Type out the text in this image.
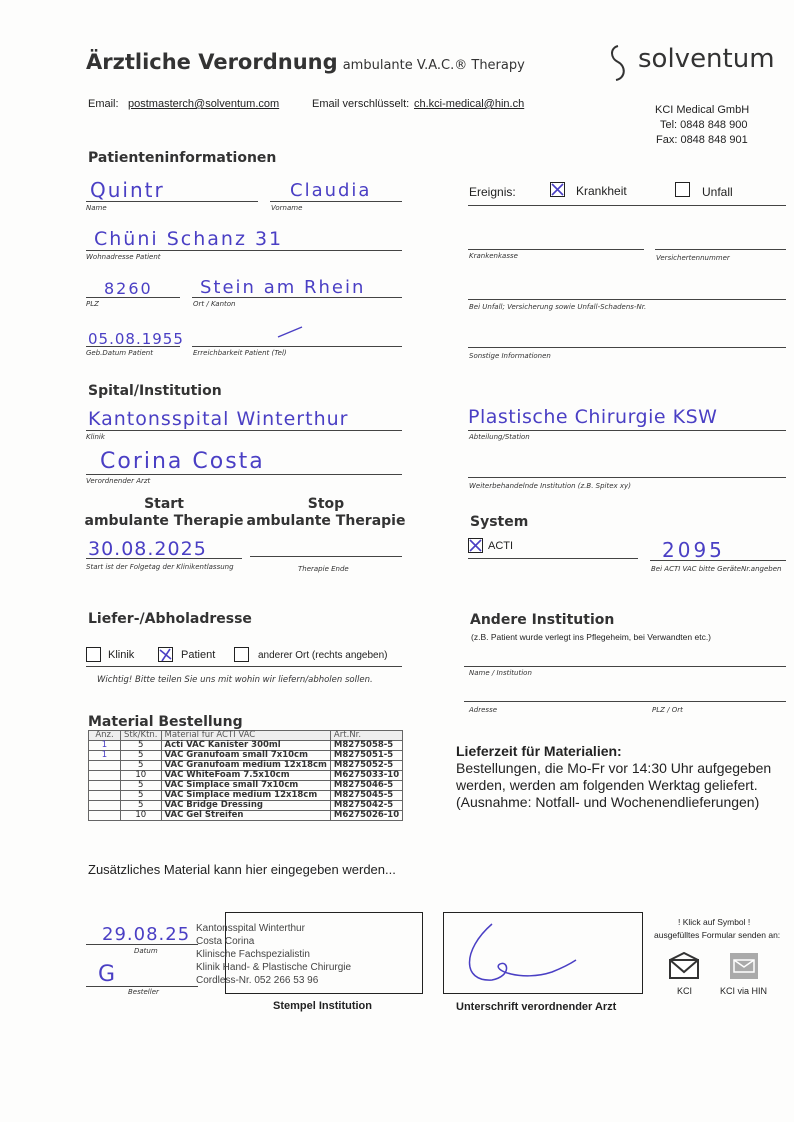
Ärztliche Verordnung ambulante V.A.C.® Therapy	solventum
Email: postmasterch@solventum.com	Email verschlüsselt: ch.kci-medical@hin.ch	KCI Medical GmbH
Tel: 0848 848 900
Fax: 0848 848 901
Patienteninformationen
Quintr
Name
Claudia
Vorname
Chüni Schanz 31
Wohnadresse Patient
8260
PLZ
Stein am Rhein
Ort / Kanton
05.08.1955
Geb.Datum Patient	Erreichbarkeit Patient (Tel)
Ereignis:	Krankheit	Unfall
Krankenkasse	Versichertennummer
Bei Unfall; Versicherung sowie Unfall-Schadens-Nr.
Sonstige Informationen
Spital/Institution
Kantonsspital Winterthur
Klinik
Plastische Chirurgie KSW
Abteilung/Station
Corina Costa
Verordnender Arzt
Weiterbehandelnde Institution (z.B. Spitex xy)
Start
ambulante Therapie
Stop
ambulante Therapie
30.08.2025
Start ist der Folgetag der Klinikentlassung	Therapie Ende
System
ACTI	2095
Bei ACTI VAC bitte GeräteNr.angeben
Liefer-/Abholadresse
Klinik	Patient	anderer Ort (rechts angeben)
Wichtig! Bitte teilen Sie uns mit wohin wir liefern/abholen sollen.
Andere Institution
(z.B. Patient wurde verlegt ins Pflegeheim, bei Verwandten etc.)
Name / Institution
Adresse	PLZ / Ort
Material Bestellung
Anz.	Stk/Ktn.	Material für ACTI VAC	Art.Nr.
1	5	Acti VAC Kanister 300ml	M8275058-5
1	5	VAC Granufoam small 7x10cm	M8275051-5
	5	VAC Granufoam medium 12x18cm	M8275052-5
	10	VAC WhiteFoam 7.5x10cm	M6275033-10
	5	VAC Simplace small 7x10cm	M8275046-5
	5	VAC Simplace medium 12x18cm	M8275045-5
	5	VAC Bridge Dressing	M8275042-5
	10	VAC Gel Streifen	M6275026-10
Lieferzeit für Materialien:
Bestellungen, die Mo-Fr vor 14:30 Uhr aufgegeben
werden, werden am folgenden Werktag geliefert.
(Ausnahme: Notfall- und Wochenendlieferungen)
Zusätzliches Material kann hier eingegeben werden...
29.08.25
Datum
G
Besteller
Kantonsspital Winterthur
Costa Corina
Klinische Fachspezialistin
Klinik Hand- & Plastische Chirurgie
Cordless-Nr. 052 266 53 96
Stempel Institution	Unterschrift verordnender Arzt
! Klick auf Symbol !
ausgefülltes Formular senden an:
KCI	KCI via HIN
